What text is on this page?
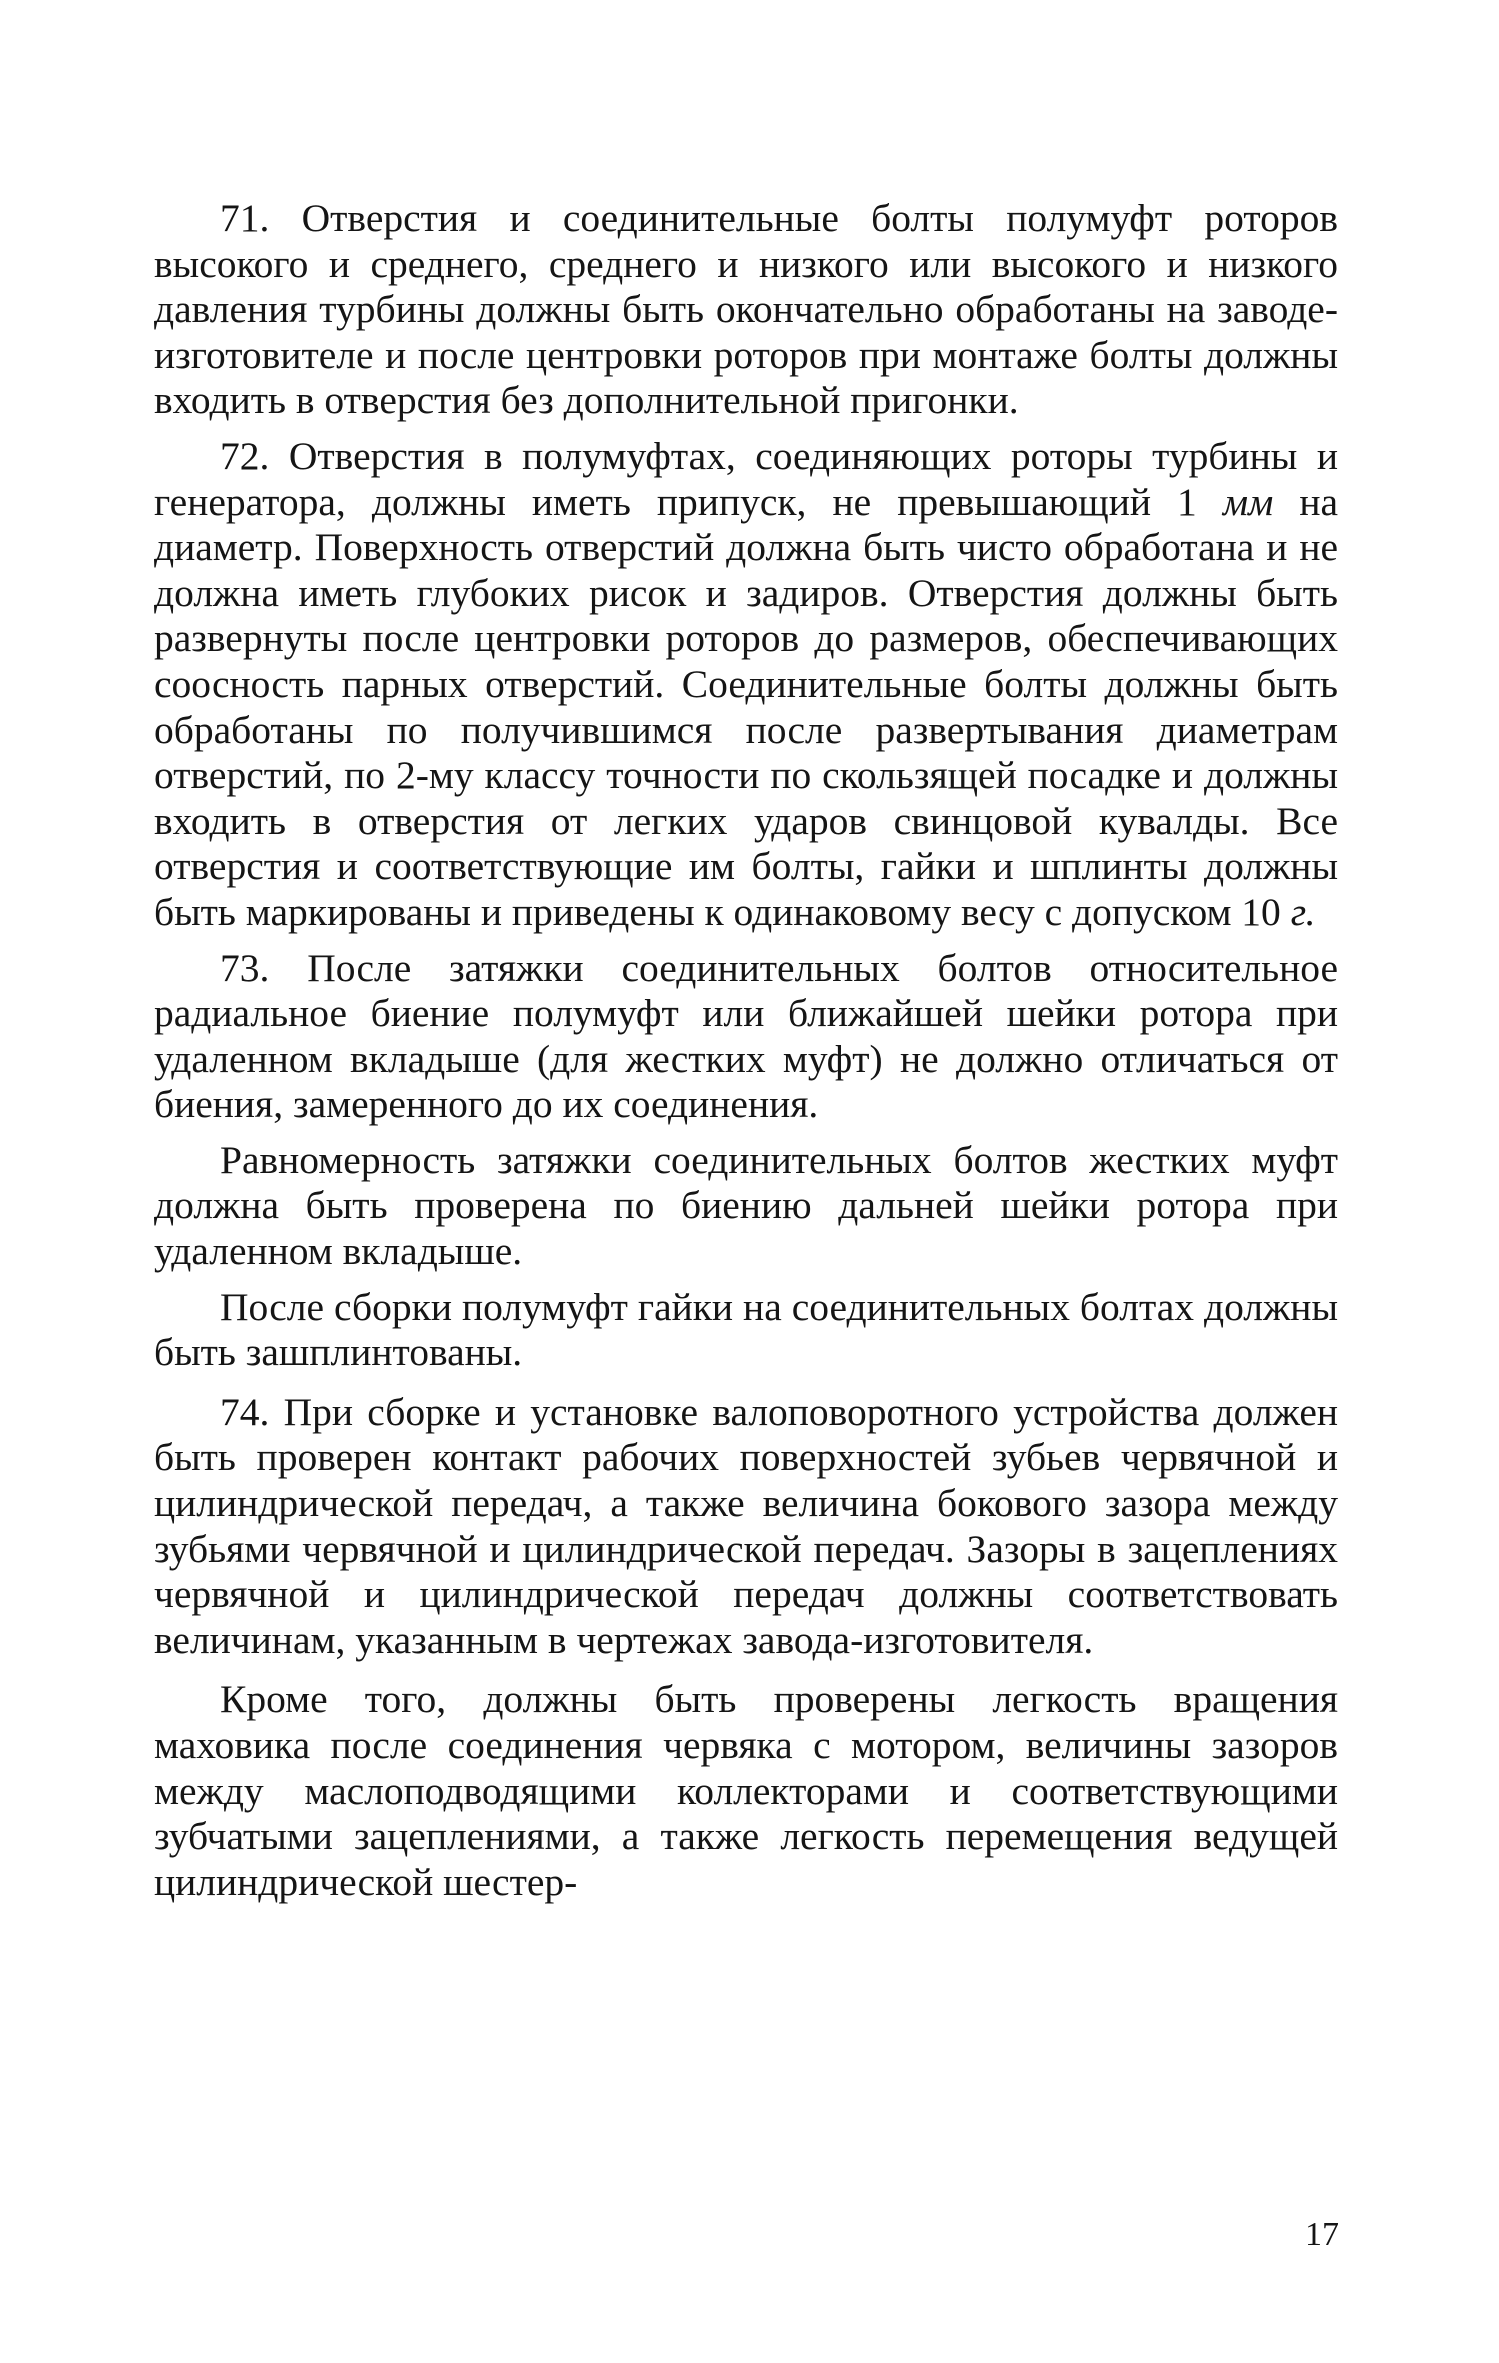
71. Отверстия и соединительные болты полумуфт роторов высокого и среднего, среднего и низкого или высокого и низкого давления турбины должны быть окончательно обработаны на заводе-изготовителе и после центровки роторов при монтаже болты должны входить в отверстия без дополнительной пригонки.

72. Отверстия в полумуфтах, соединяющих роторы турбины и генератора, должны иметь припуск, не превышающий 1 мм на диаметр. Поверхность отверстий должна быть чисто обработана и не должна иметь глубоких рисок и задиров. Отверстия должны быть развернуты после центровки роторов до размеров, обеспечивающих соосность парных отверстий. Соединительные болты должны быть обработаны по получившимся после развертывания диаметрам отверстий, по 2-му классу точности по скользящей посадке и должны входить в отверстия от легких ударов свинцовой кувалды. Все отверстия и соответствующие им болты, гайки и шплинты должны быть маркированы и приведены к одинаковому весу с допуском 10 г.

73. После затяжки соединительных болтов относительное радиальное биение полумуфт или ближайшей шейки ротора при удаленном вкладыше (для жестких муфт) не должно отличаться от биения, замеренного до их соединения.

Равномерность затяжки соединительных болтов жестких муфт должна быть проверена по биению дальней шейки ротора при удаленном вкладыше.

После сборки полумуфт гайки на соединительных болтах должны быть зашплинтованы.

74. При сборке и установке валоповоротного устройства должен быть проверен контакт рабочих поверхностей зубьев червячной и цилиндрической передач, а также величина бокового зазора между зубьями червячной и цилиндрической передач. Зазоры в зацеплениях червячной и цилиндрической передач должны соответствовать величинам, указанным в чертежах завода-изготовителя.

Кроме того, должны быть проверены легкость вращения маховика после соединения червяка с мотором, величины зазоров между маслоподводящими коллекторами и соответствующими зубчатыми зацеплениями, а также легкость перемещения ведущей цилиндрической шестер-

17
